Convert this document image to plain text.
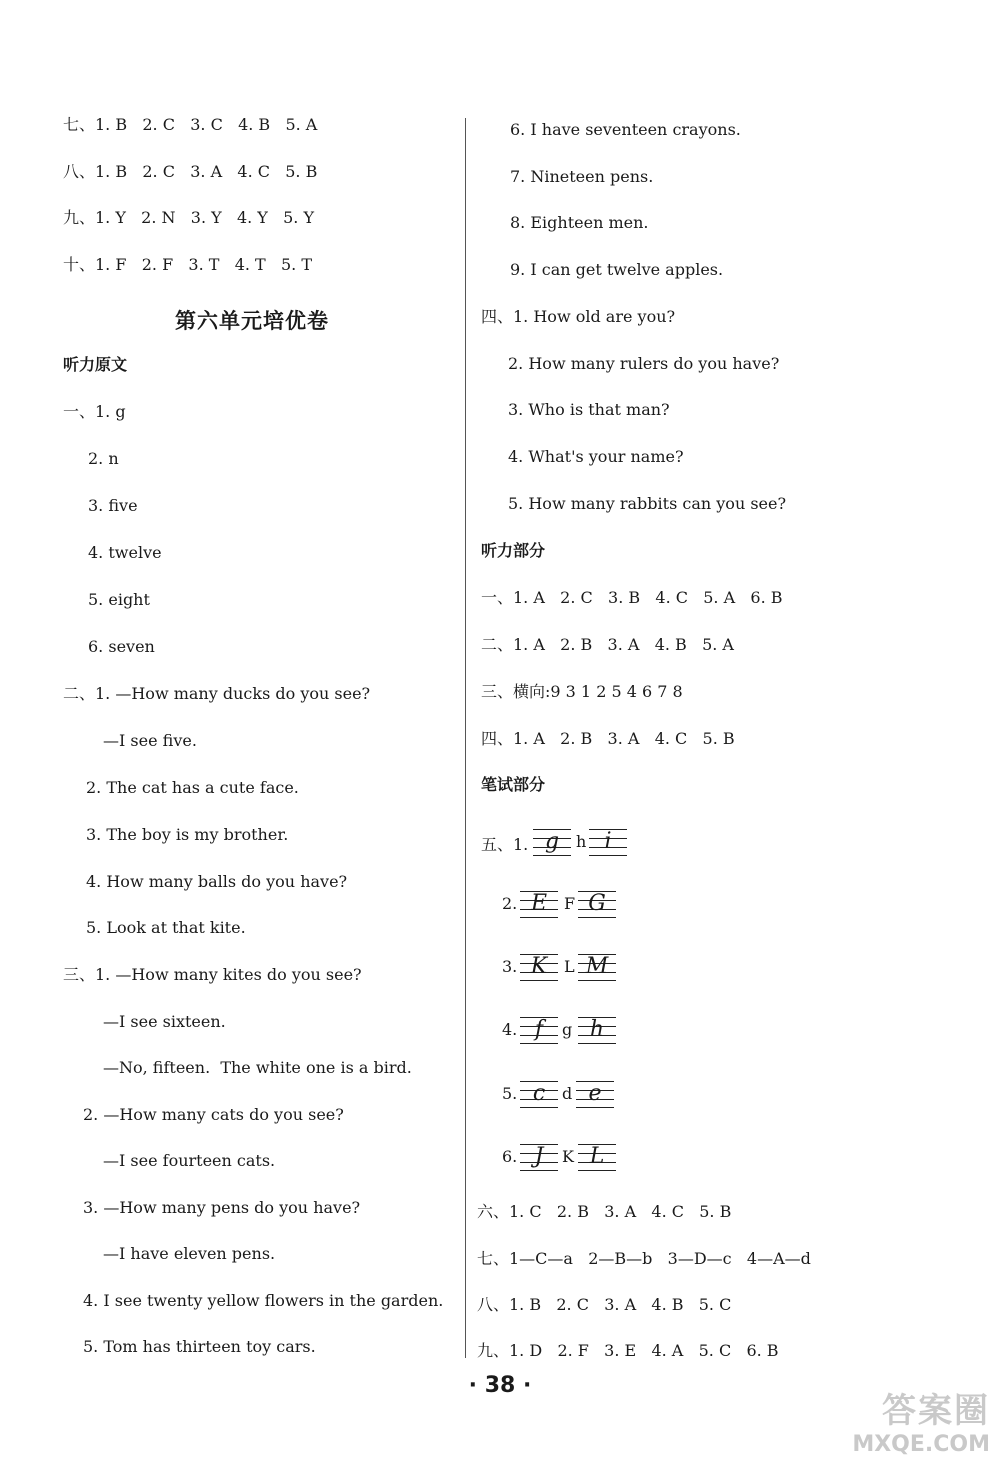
七、1. B   2. C   3. C   4. B   5. A
八、1. B   2. C   3. A   4. C   5. B
九、1. Y   2. N   3. Y   4. Y   5. Y
十、1. F   2. F   3. T   4. T   5. T
第六单元培优卷
听力原文
一、1. g
2. n
3. five
4. twelve
5. eight
6. seven
二、1. —How many ducks do you see?
—I see five.
2. The cat has a cute face.
3. The boy is my brother.
4. How many balls do you have?
5. Look at that kite.
三、1. —How many kites do you see?
—I see sixteen.
—No, fifteen.  The white one is a bird.
2. —How many cats do you see?
—I see fourteen cats.
3. —How many pens do you have?
—I have eleven pens.
4. I see twenty yellow flowers in the garden.
5. Tom has thirteen toy cars.
6. I have seventeen crayons.
7. Nineteen pens.
8. Eighteen men.
9. I can get twelve apples.
四、1. How old are you?
2. How many rulers do you have?
3. Who is that man?
4. What's your name?
5. How many rabbits can you see?
听力部分
一、1. A   2. C   3. B   4. C   5. A   6. B
二、1. A   2. B   3. A   4. B   5. A
三、横向:9 3 1 2 5 4 6 7 8
四、1. A   2. B   3. A   4. C   5. B
笔试部分
五、1. g	h i
2. E	F G
3. K	L M
4. f	g h
5. c	d e
6. J	K L
六、1. C   2. B   3. A   4. C   5. B
七、1—C—a   2—B—b   3—D—c   4—A—d
八、1. B   2. C   3. A   4. B   5. C
九、1. D   2. F   3. E   4. A   5. C   6. B
· 38 ·
答案圈
MXQE.COM
